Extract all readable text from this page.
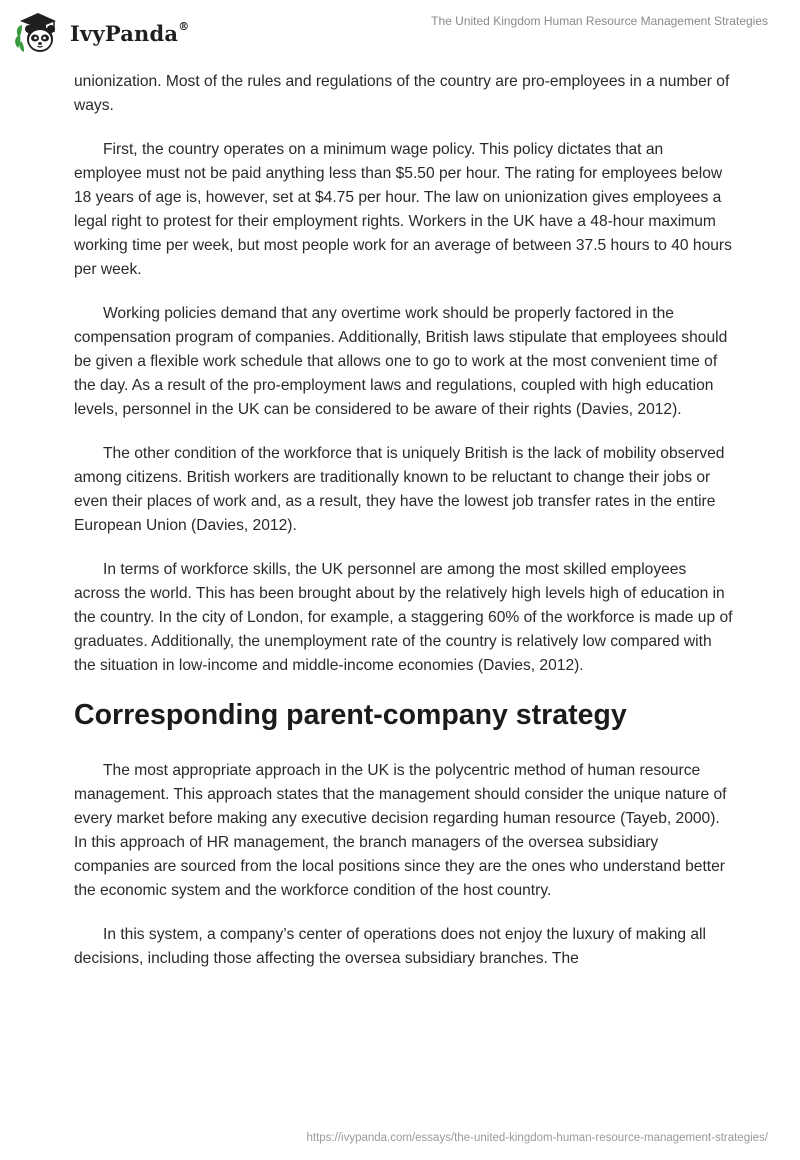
IvyPanda®	The United Kingdom Human Resource Management Strategies

unionization. Most of the rules and regulations of the country are pro-employees in a number of ways.

First, the country operates on a minimum wage policy. This policy dictates that an employee must not be paid anything less than $5.50 per hour. The rating for employees below 18 years of age is, however, set at $4.75 per hour. The law on unionization gives employees a legal right to protest for their employment rights. Workers in the UK have a 48-hour maximum working time per week, but most people work for an average of between 37.5 hours to 40 hours per week.

Working policies demand that any overtime work should be properly factored in the compensation program of companies. Additionally, British laws stipulate that employees should be given a flexible work schedule that allows one to go to work at the most convenient time of the day. As a result of the pro-employment laws and regulations, coupled with high education levels, personnel in the UK can be considered to be aware of their rights (Davies, 2012).

The other condition of the workforce that is uniquely British is the lack of mobility observed among citizens. British workers are traditionally known to be reluctant to change their jobs or even their places of work and, as a result, they have the lowest job transfer rates in the entire European Union (Davies, 2012).

In terms of workforce skills, the UK personnel are among the most skilled employees across the world. This has been brought about by the relatively high levels high of education in the country. In the city of London, for example, a staggering 60% of the workforce is made up of graduates. Additionally, the unemployment rate of the country is relatively low compared with the situation in low-income and middle-income economies (Davies, 2012).

Corresponding parent-company strategy

The most appropriate approach in the UK is the polycentric method of human resource management. This approach states that the management should consider the unique nature of every market before making any executive decision regarding human resource (Tayeb, 2000). In this approach of HR management, the branch managers of the oversea subsidiary companies are sourced from the local positions since they are the ones who understand better the economic system and the workforce condition of the host country.

In this system, a company’s center of operations does not enjoy the luxury of making all decisions, including those affecting the oversea subsidiary branches. The

https://ivypanda.com/essays/the-united-kingdom-human-resource-management-strategies/
